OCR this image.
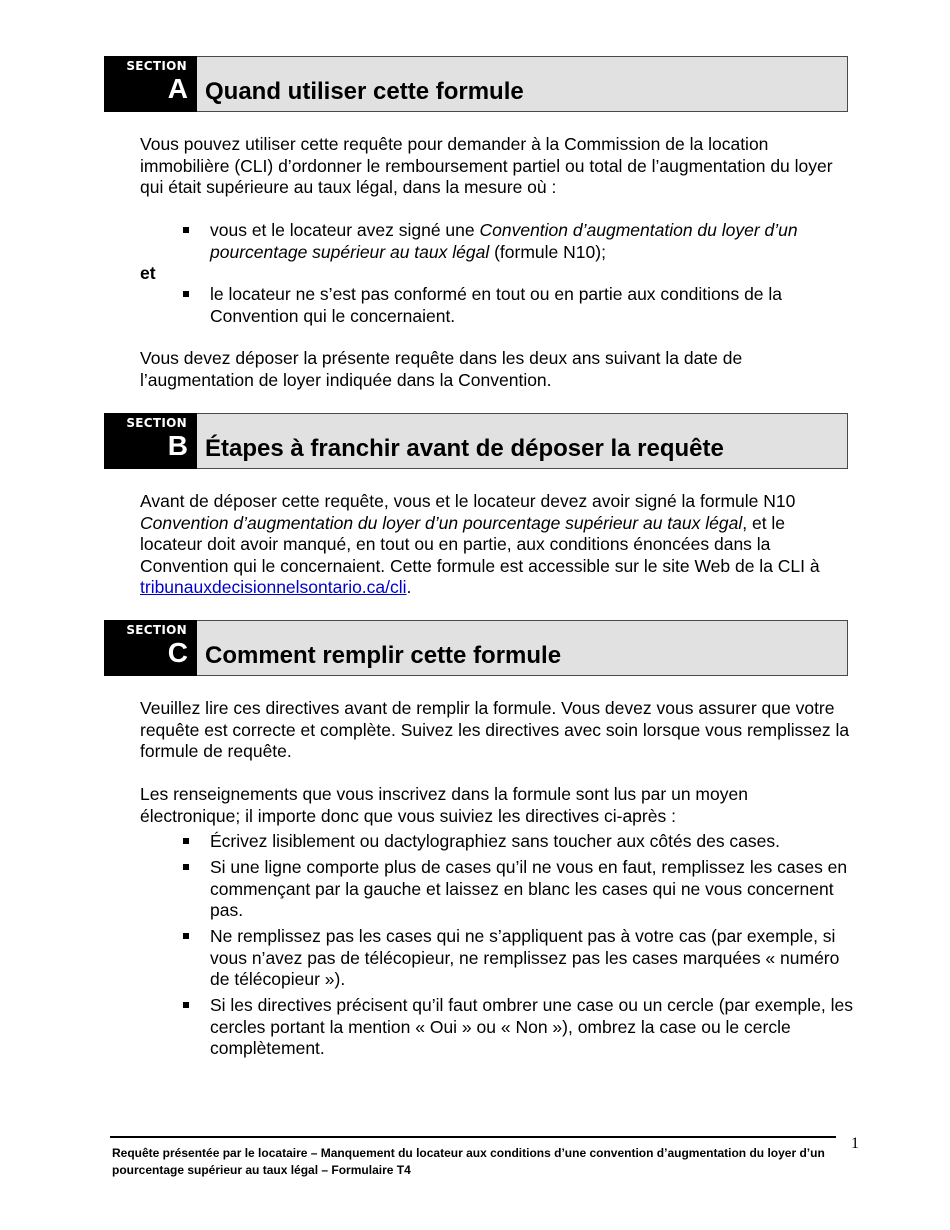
SECTION
A Quand utiliser cette formule

Vous pouvez utiliser cette requête pour demander à la Commission de la location immobilière (CLI) d’ordonner le remboursement partiel ou total de l’augmentation du loyer qui était supérieure au taux légal, dans la mesure où :

vous et le locateur avez signé une Convention d’augmentation du loyer d’un pourcentage supérieur au taux légal (formule N10);
et
le locateur ne s’est pas conformé en tout ou en partie aux conditions de la Convention qui le concernaient.

Vous devez déposer la présente requête dans les deux ans suivant la date de l’augmentation de loyer indiquée dans la Convention.

SECTION
B Étapes à franchir avant de déposer la requête

Avant de déposer cette requête, vous et le locateur devez avoir signé la formule N10 Convention d’augmentation du loyer d’un pourcentage supérieur au taux légal, et le locateur doit avoir manqué, en tout ou en partie, aux conditions énoncées dans la Convention qui le concernaient. Cette formule est accessible sur le site Web de la CLI à tribunauxdecisionnelsontario.ca/cli.

SECTION
C Comment remplir cette formule

Veuillez lire ces directives avant de remplir la formule. Vous devez vous assurer que votre requête est correcte et complète. Suivez les directives avec soin lorsque vous remplissez la formule de requête.

Les renseignements que vous inscrivez dans la formule sont lus par un moyen électronique; il importe donc que vous suiviez les directives ci-après :

Écrivez lisiblement ou dactylographiez sans toucher aux côtés des cases.
Si une ligne comporte plus de cases qu’il ne vous en faut, remplissez les cases en commençant par la gauche et laissez en blanc les cases qui ne vous concernent pas.
Ne remplissez pas les cases qui ne s’appliquent pas à votre cas (par exemple, si vous n’avez pas de télécopieur, ne remplissez pas les cases marquées « numéro de télécopieur »).
Si les directives précisent qu’il faut ombrer une case ou un cercle (par exemple, les cercles portant la mention « Oui » ou « Non »), ombrez la case ou le cercle complètement.
Requête présentée par le locataire – Manquement du locateur aux conditions d’une convention d’augmentation du loyer d’un pourcentage supérieur au taux légal – Formulaire T4
1
